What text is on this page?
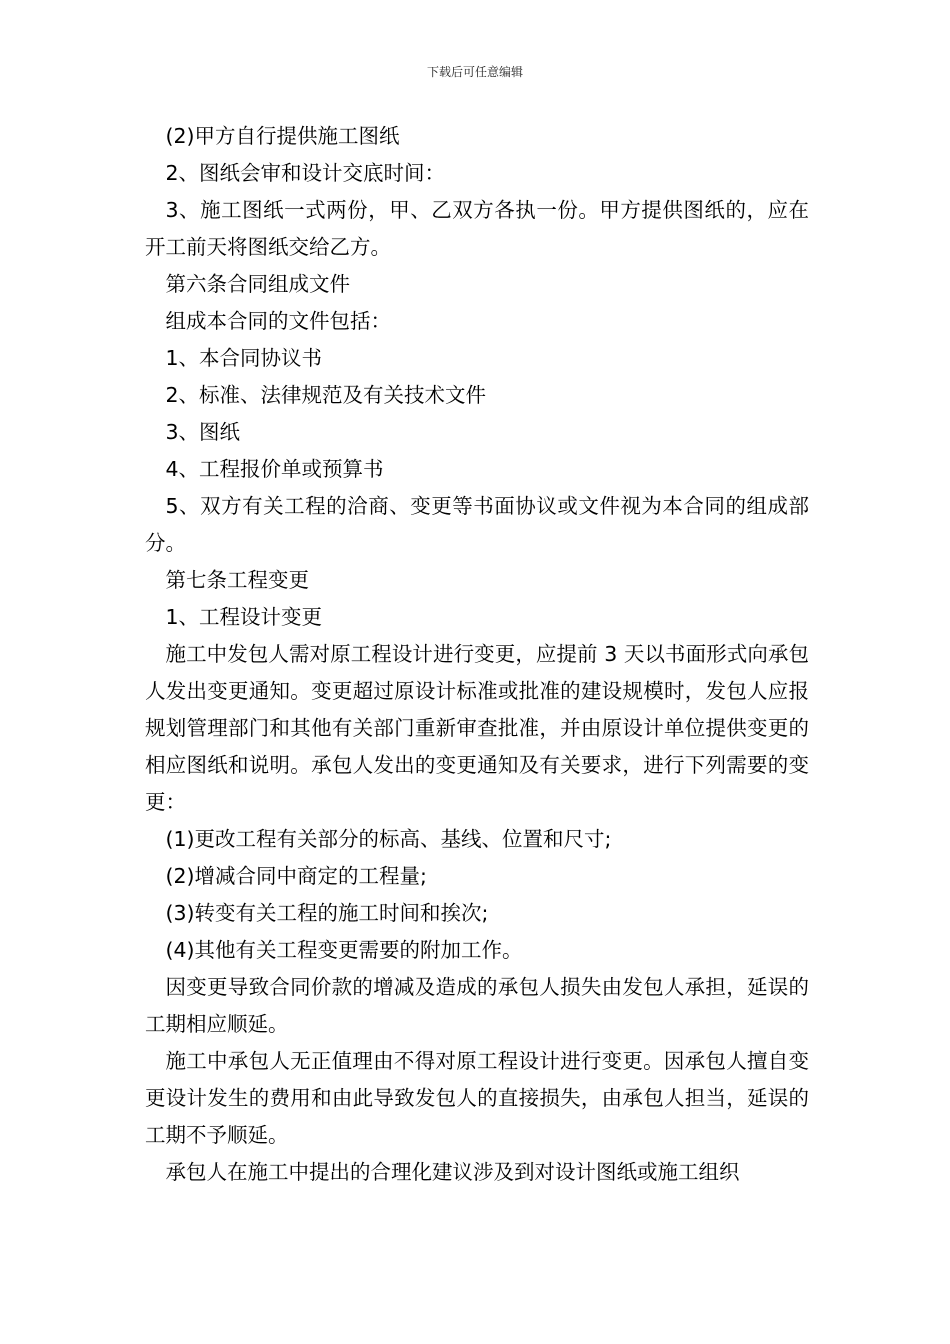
下载后可任意编辑

(2)甲方自行提供施工图纸

2、图纸会审和设计交底时间：

3、施工图纸一式两份，甲、乙双方各执一份。甲方提供图纸的，应在开工前天将图纸交给乙方。

第六条合同组成文件

组成本合同的文件包括：

1、本合同协议书

2、标准、法律规范及有关技术文件

3、图纸

4、工程报价单或预算书

5、双方有关工程的洽商、变更等书面协议或文件视为本合同的组成部分。

第七条工程变更

1、工程设计变更

施工中发包人需对原工程设计进行变更，应提前 3 天以书面形式向承包人发出变更通知。变更超过原设计标准或批准的建设规模时，发包人应报规划管理部门和其他有关部门重新审查批准，并由原设计单位提供变更的相应图纸和说明。承包人发出的变更通知及有关要求，进行下列需要的变更：

(1)更改工程有关部分的标高、基线、位置和尺寸;

(2)增减合同中商定的工程量;

(3)转变有关工程的施工时间和挨次;

(4)其他有关工程变更需要的附加工作。

因变更导致合同价款的增减及造成的承包人损失由发包人承担，延误的工期相应顺延。

施工中承包人无正值理由不得对原工程设计进行变更。因承包人擅自变更设计发生的费用和由此导致发包人的直接损失，由承包人担当，延误的工期不予顺延。

承包人在施工中提出的合理化建议涉及到对设计图纸或施工组织
